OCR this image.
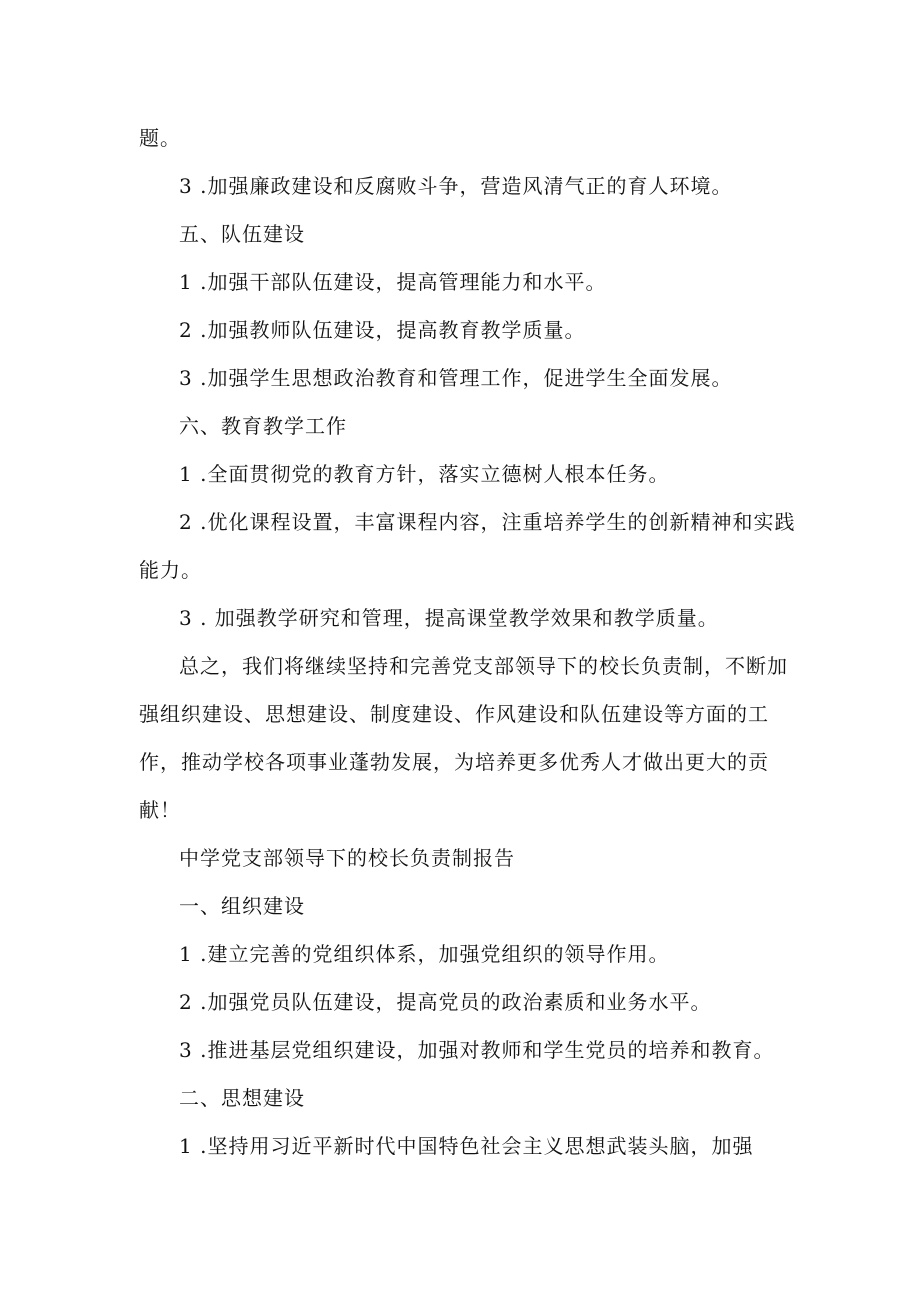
题。

3 .加强廉政建设和反腐败斗争，营造风清气正的育人环境。

五、队伍建设

1 .加强干部队伍建设，提高管理能力和水平。

2 .加强教师队伍建设，提高教育教学质量。

3 .加强学生思想政治教育和管理工作，促进学生全面发展。

六、教育教学工作

1 .全面贯彻党的教育方针，落实立德树人根本任务。

2 .优化课程设置，丰富课程内容，注重培养学生的创新精神和实践能力。

3 . 加强教学研究和管理，提高课堂教学效果和教学质量。

总之，我们将继续坚持和完善党支部领导下的校长负责制，不断加强组织建设、思想建设、制度建设、作风建设和队伍建设等方面的工作，推动学校各项事业蓬勃发展，为培养更多优秀人才做出更大的贡献！

中学党支部领导下的校长负责制报告

一、组织建设

1 .建立完善的党组织体系，加强党组织的领导作用。

2 .加强党员队伍建设，提高党员的政治素质和业务水平。

3 .推进基层党组织建设，加强对教师和学生党员的培养和教育。

二、思想建设

1 .坚持用习近平新时代中国特色社会主义思想武装头脑，加强
